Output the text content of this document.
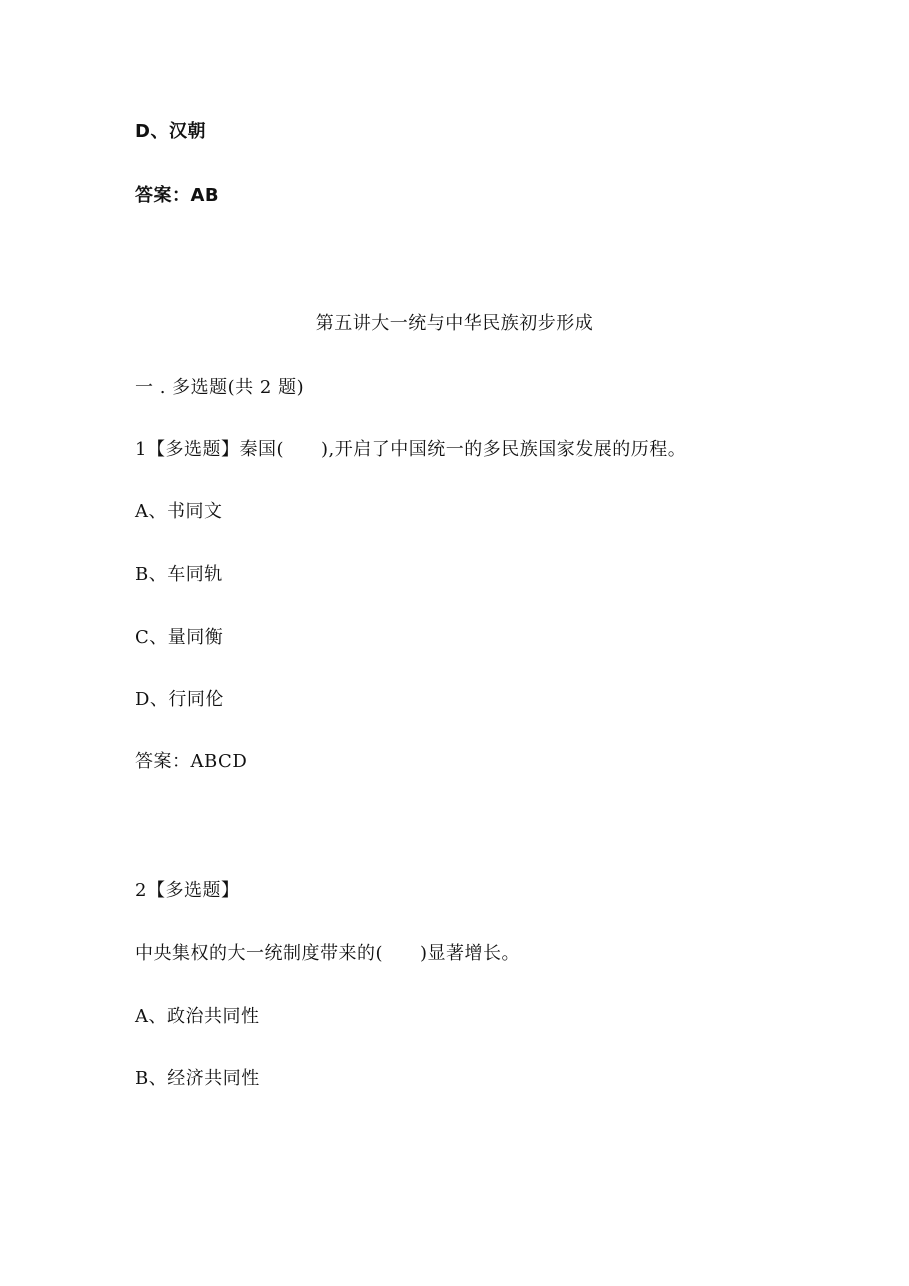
D、汉朝
答案：AB
第五讲大一统与中华民族初步形成
一 . 多选题(共 2 题)
1【多选题】秦国(　　),开启了中国统一的多民族国家发展的历程。
A、书同文
B、车同轨
C、量同衡
D、行同伦
答案：ABCD
2【多选题】
中央集权的大一统制度带来的(　　)显著增长。
A、政治共同性
B、经济共同性
